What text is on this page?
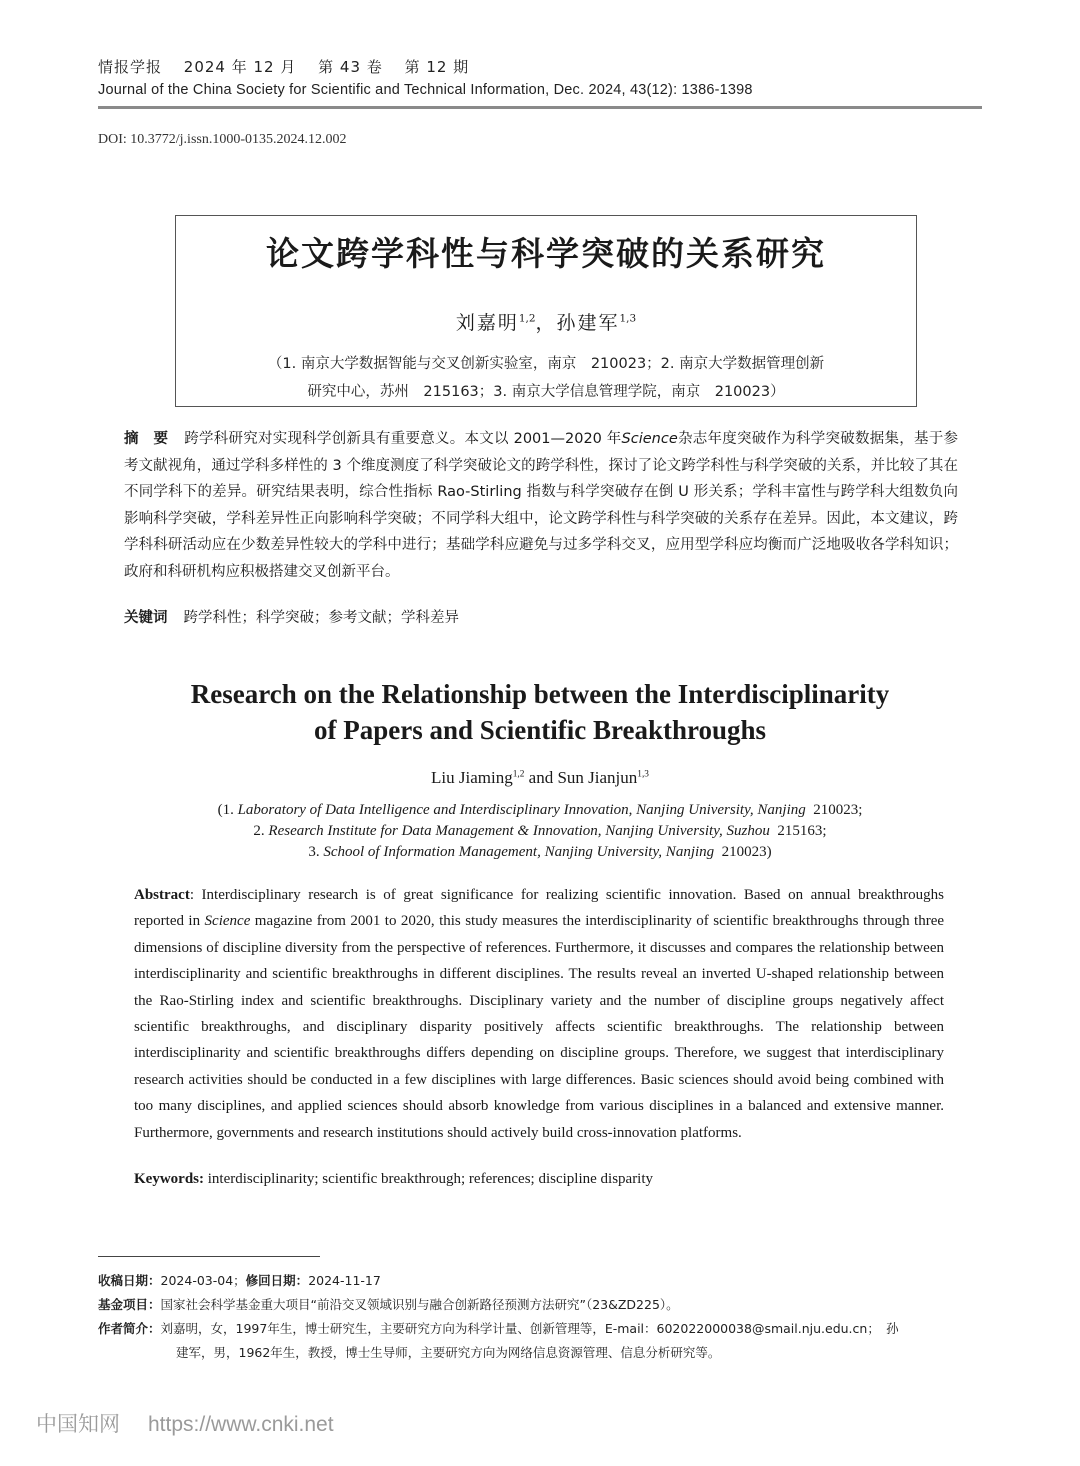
情报学报 2024 年 12 月 第 43 卷 第 12 期
Journal of the China Society for Scientific and Technical Information, Dec. 2024, 43(12): 1386-1398
DOI: 10.3772/j.issn.1000-0135.2024.12.002
论文跨学科性与科学突破的关系研究
刘嘉明$^{1,2}$，孙建军$^{1,3}$
（1. 南京大学数据智能与交叉创新实验室，南京　210023；2. 南京大学数据管理创新
研究中心，苏州　215163；3. 南京大学信息管理学院，南京　210023）
摘　要 跨学科研究对实现科学创新具有重要意义。本文以 2001—2020 年Science杂志年度突破作为科学突破数据集，基于参考文献视角，通过学科多样性的 3 个维度测度了科学突破论文的跨学科性，探讨了论文跨学科性与科学突破的关系，并比较了其在不同学科下的差异。研究结果表明，综合性指标 Rao-Stirling 指数与科学突破存在倒 U 形关系；学科丰富性与跨学科大组数负向影响科学突破，学科差异性正向影响科学突破；不同学科大组中，论文跨学科性与科学突破的关系存在差异。因此，本文建议，跨学科科研活动应在少数差异性较大的学科中进行；基础学科应避免与过多学科交叉，应用型学科应均衡而广泛地吸收各学科知识；政府和科研机构应积极搭建交叉创新平台。
关键词 跨学科性；科学突破；参考文献；学科差异
Research on the Relationship between the Interdisciplinarity
of Papers and Scientific Breakthroughs
Liu Jiaming$^{1,2}$ and Sun Jianjun$^{1,3}$
(1. Laboratory of Data Intelligence and Interdisciplinary Innovation, Nanjing University, Nanjing  210023;
2. Research Institute for Data Management & Innovation, Nanjing University, Suzhou  215163;
3. School of Information Management, Nanjing University, Nanjing  210023)
Abstract: Interdisciplinary research is of great significance for realizing scientific innovation. Based on annual breakthroughs reported in Science magazine from 2001 to 2020, this study measures the interdisciplinarity of scientific breakthroughs through three dimensions of discipline diversity from the perspective of references. Furthermore, it discusses and compares the relationship between interdisciplinarity and scientific breakthroughs in different disciplines. The results reveal an inverted U-shaped relationship between the Rao-Stirling index and scientific breakthroughs. Disciplinary variety and the number of discipline groups negatively affect scientific breakthroughs, and disciplinary disparity positively affects scientific breakthroughs. The relationship between interdisciplinarity and scientific breakthroughs differs depending on discipline groups. Therefore, we suggest that interdisciplinary research activities should be conducted in a few disciplines with large differences. Basic sciences should avoid being combined with too many disciplines, and applied sciences should absorb knowledge from various disciplines in a balanced and extensive manner. Furthermore, governments and research institutions should actively build cross-innovation platforms.
Keywords: interdisciplinarity; scientific breakthrough; references; discipline disparity
收稿日期：2024-03-04；修回日期：2024-11-17
基金项目：国家社会科学基金重大项目“前沿交叉领域识别与融合创新路径预测方法研究”（23&ZD225）。
作者简介：刘嘉明，女，1997年生，博士研究生，主要研究方向为科学计量、创新管理等，E-mail：602022000038@smail.nju.edu.cn；　孙
建军，男，1962年生，教授，博士生导师，主要研究方向为网络信息资源管理、信息分析研究等。
中国知网 https://www.cnki.net
